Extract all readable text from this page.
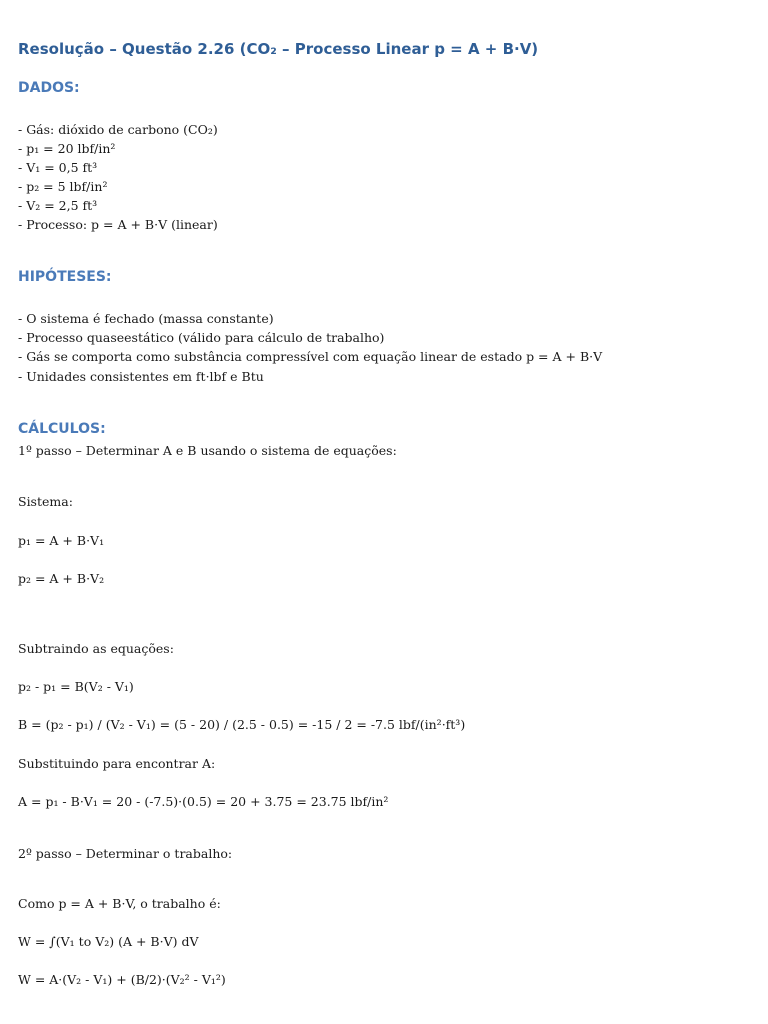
Resolução – Questão 2.26 (CO₂ – Processo Linear p = A + B·V)
DADOS:
- Gás: dióxido de carbono (CO₂)
- p₁ = 20 lbf/in²
- V₁ = 0,5 ft³
- p₂ = 5 lbf/in²
- V₂ = 2,5 ft³
- Processo: p = A + B·V (linear)
HIPÓTESES:
- O sistema é fechado (massa constante)
- Processo quaseestático (válido para cálculo de trabalho)
- Gás se comporta como substância compressível com equação linear de estado p = A + B·V
- Unidades consistentes em ft·lbf e Btu
CÁLCULOS:
1º passo – Determinar A e B usando o sistema de equações:
Sistema:
p₁ = A + B·V₁
p₂ = A + B·V₂
Subtraindo as equações:
p₂ - p₁ = B(V₂ - V₁)
B = (p₂ - p₁) / (V₂ - V₁) = (5 - 20) / (2.5 - 0.5) = -15 / 2 = -7.5 lbf/(in²·ft³)
Substituindo para encontrar A:
A = p₁ - B·V₁ = 20 - (-7.5)·(0.5) = 20 + 3.75 = 23.75 lbf/in²
2º passo – Determinar o trabalho:
Como p = A + B·V, o trabalho é:
W = ∫(V₁ to V₂) (A + B·V) dV
W = A·(V₂ - V₁) + (B/2)·(V₂² - V₁²)
